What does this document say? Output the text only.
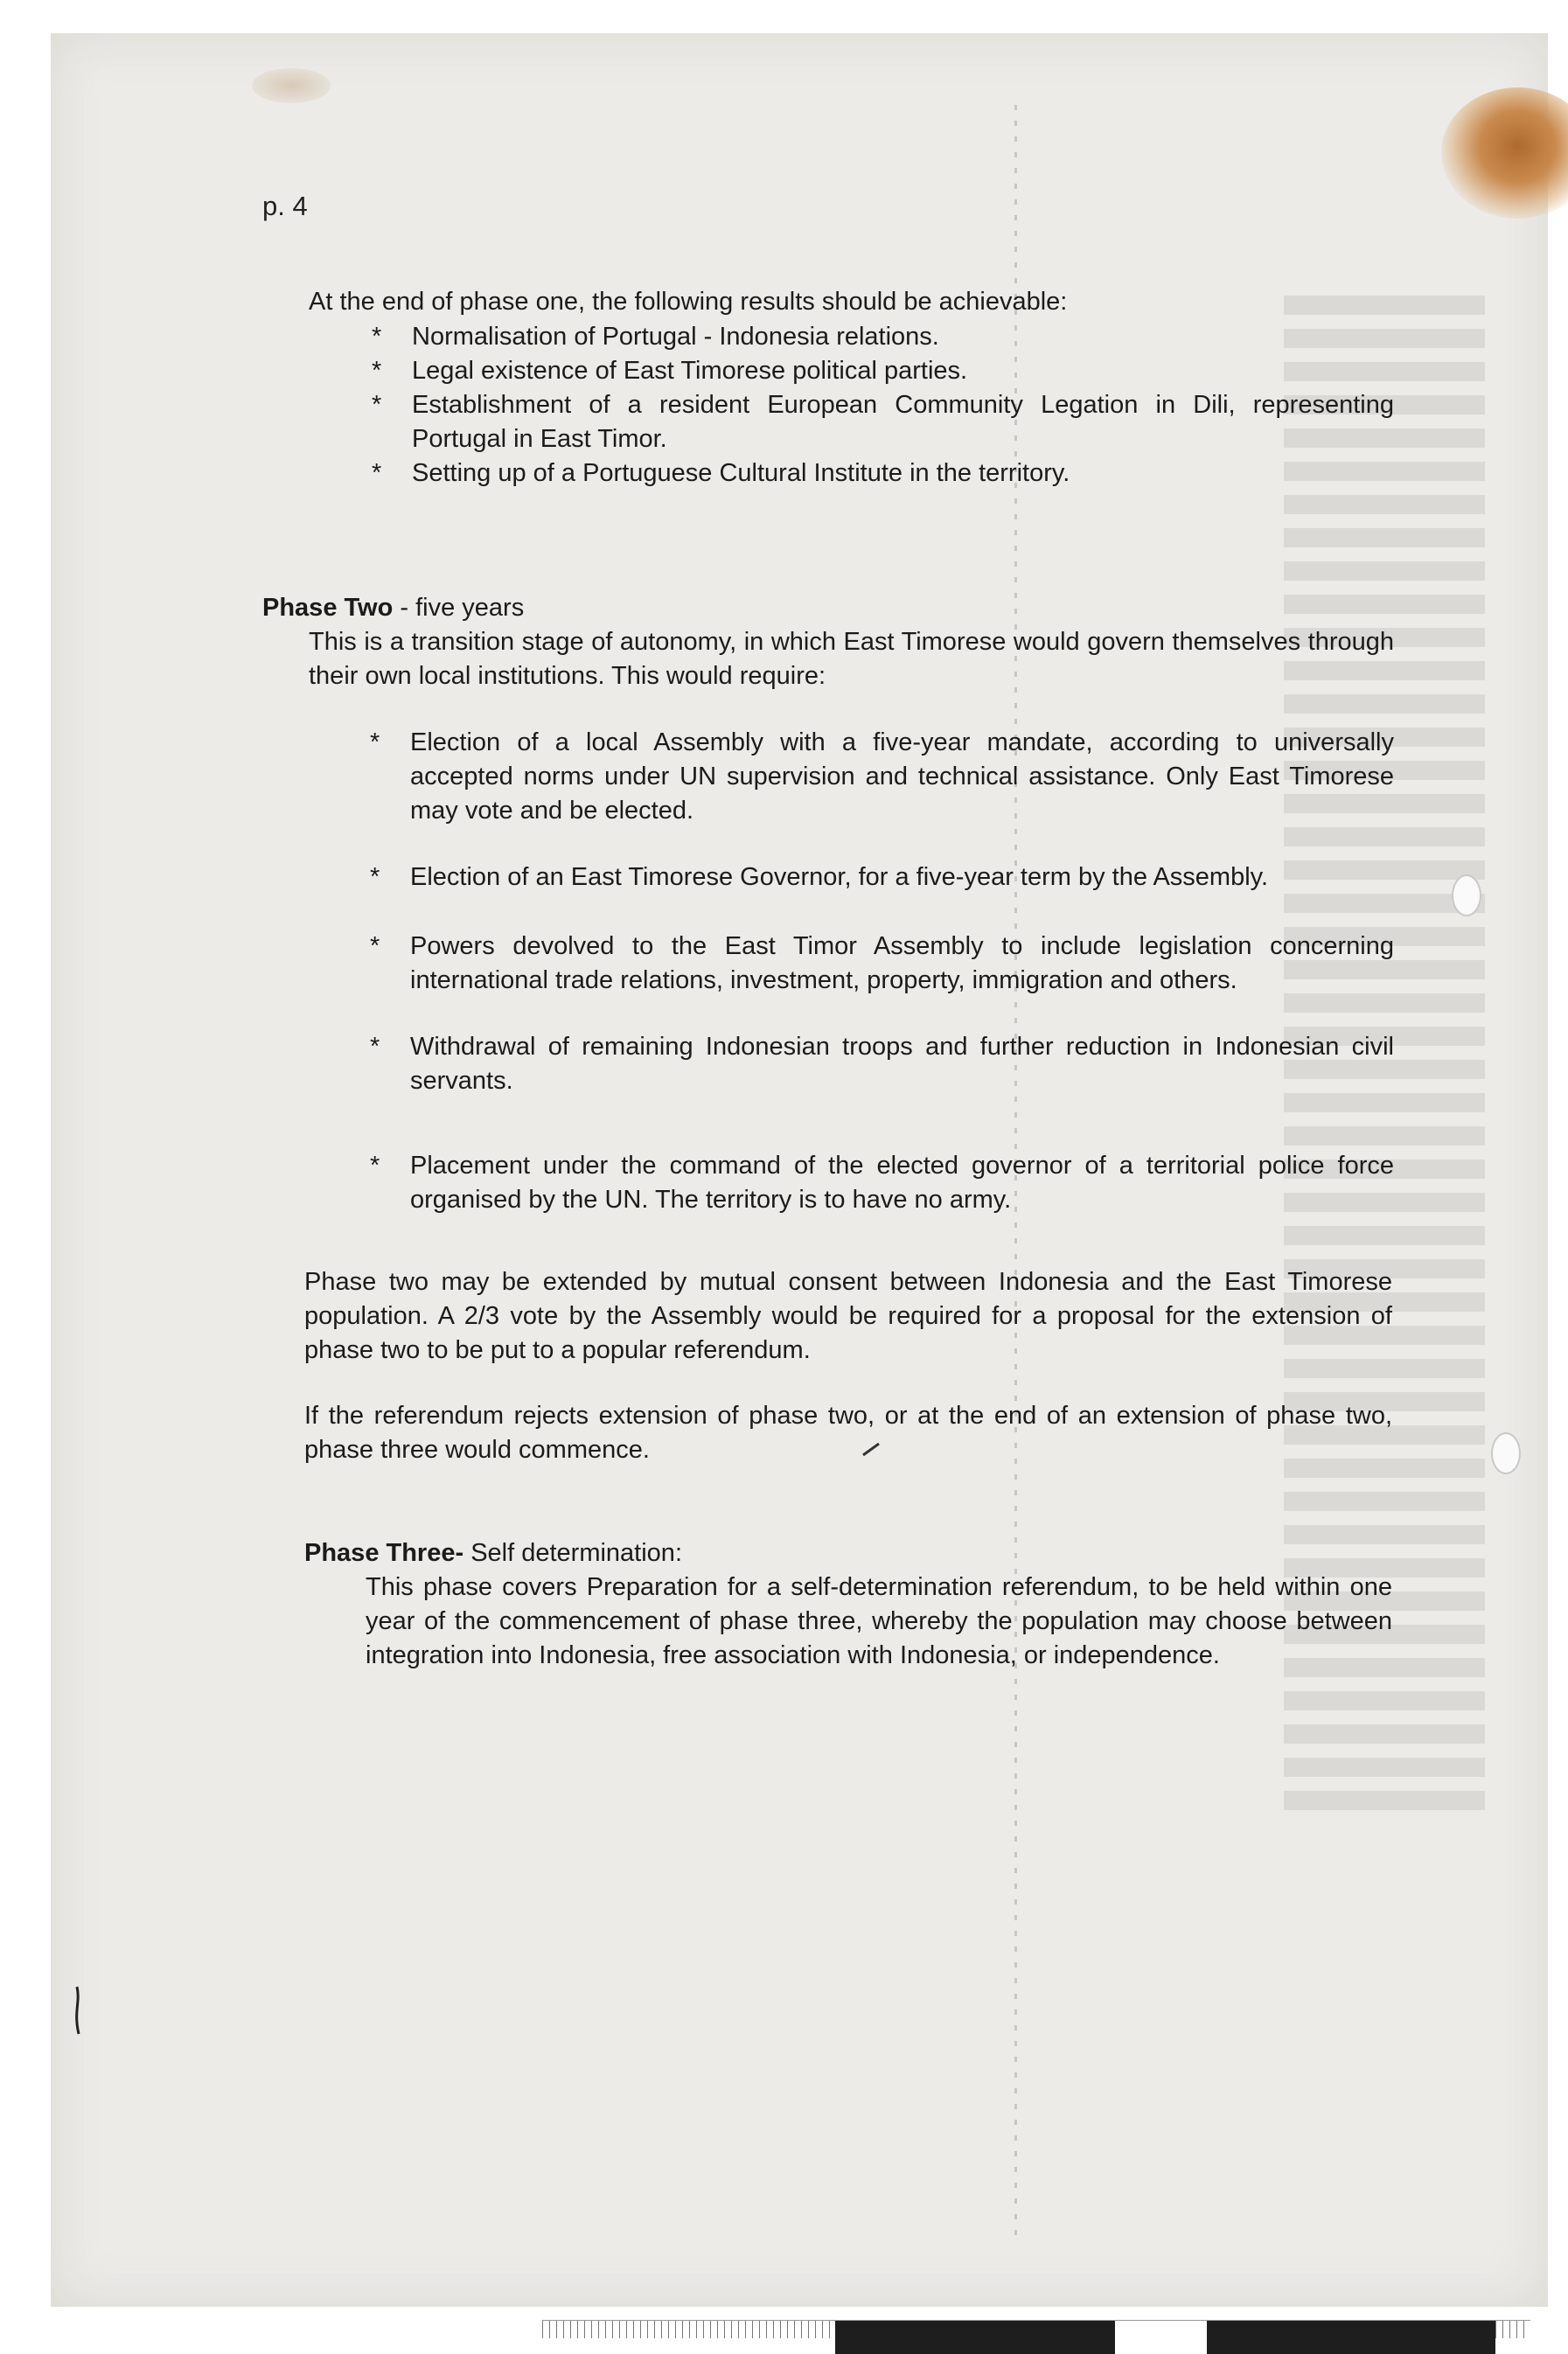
p. 4
At the end of phase one, the following results should be achievable:
* Normalisation of Portugal - Indonesia relations.
* Legal existence of East Timorese political parties.
* Establishment of a resident European Community Legation in Dili, representing Portugal in East Timor.
* Setting up of a Portuguese Cultural Institute in the territory.
Phase Two - five years
This is a transition stage of autonomy, in which East Timorese would govern themselves through their own local institutions. This would require:
* Election of a local Assembly with a five-year mandate, according to universally accepted norms under UN supervision and technical assistance. Only East Timorese may vote and be elected.
* Election of an East Timorese Governor, for a five-year term by the Assembly.
* Powers devolved to the East Timor Assembly to include legislation concerning international trade relations, investment, property, immigration and others.
* Withdrawal of remaining Indonesian troops and further reduction in Indonesian civil servants.
* Placement under the command of the elected governor of a territorial police force organised by the UN. The territory is to have no army.
Phase two may be extended by mutual consent between Indonesia and the East Timorese population. A 2/3 vote by the Assembly would be required for a proposal for the extension of phase two to be put to a popular referendum.
If the referendum rejects extension of phase two, or at the end of an extension of phase two, phase three would commence.
Phase Three- Self determination:
This phase covers Preparation for a self-determination referendum, to be held within one year of the commencement of phase three, whereby the population may choose between integration into Indonesia, free association with Indonesia, or independence.
